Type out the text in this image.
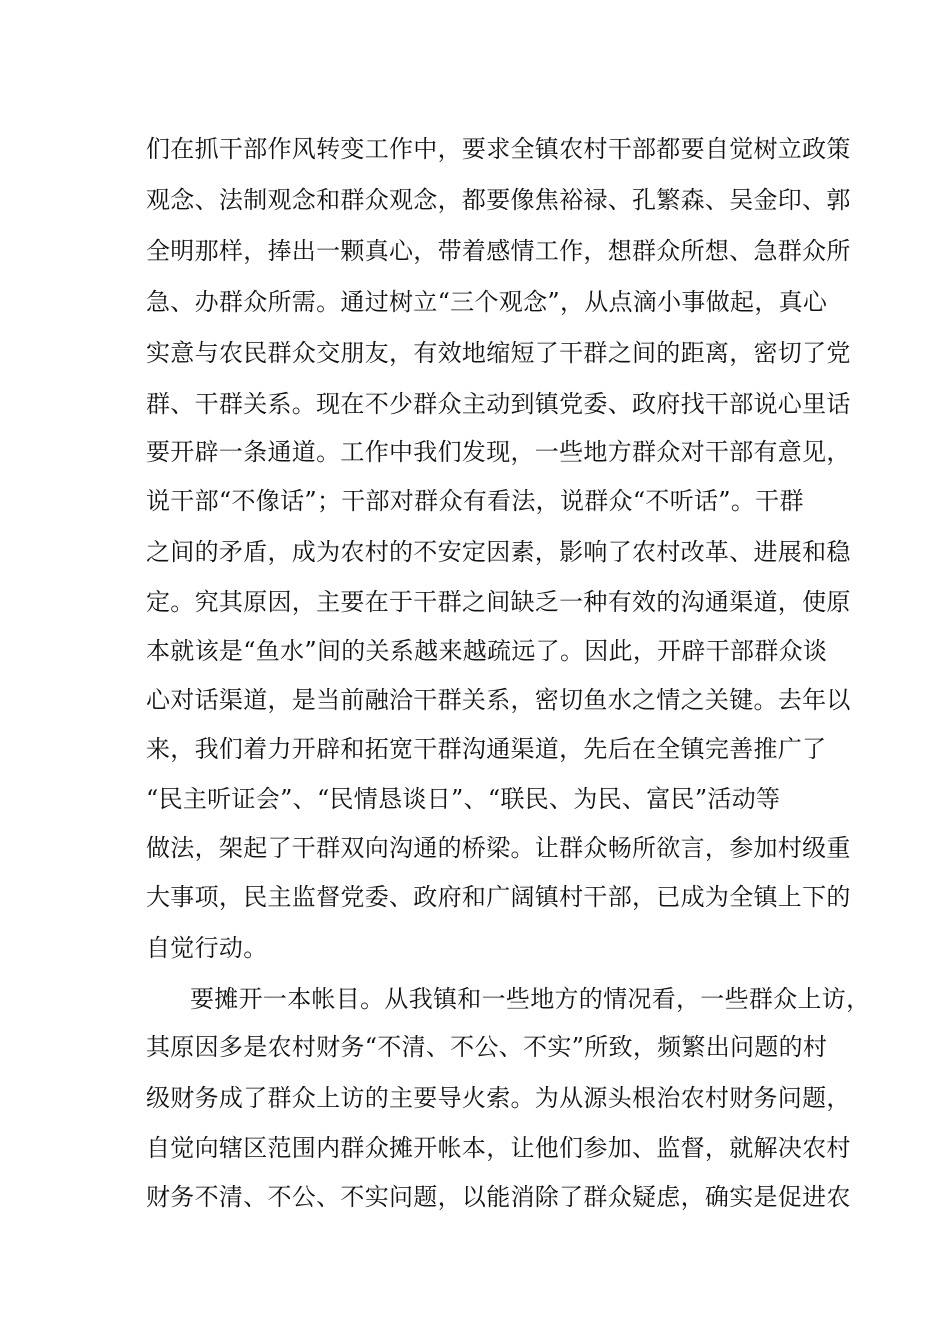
们在抓干部作风转变工作中，要求全镇农村干部都要自觉树立政策
观念、法制观念和群众观念，都要像焦裕禄、孔繁森、吴金印、郭
全明那样，捧出一颗真心，带着感情工作，想群众所想、急群众所
急、办群众所需。通过树立“三个观念”，从点滴小事做起，真心
实意与农民群众交朋友，有效地缩短了干群之间的距离，密切了党
群、干群关系。现在不少群众主动到镇党委、政府找干部说心里话
要开辟一条通道。工作中我们发现，一些地方群众对干部有意见，
说干部“不像话”；干部对群众有看法，说群众“不听话”。干群
之间的矛盾，成为农村的不安定因素，影响了农村改革、进展和稳
定。究其原因，主要在于干群之间缺乏一种有效的沟通渠道，使原
本就该是“鱼水”间的关系越来越疏远了。因此，开辟干部群众谈
心对话渠道，是当前融洽干群关系，密切鱼水之情之关键。去年以
来，我们着力开辟和拓宽干群沟通渠道，先后在全镇完善推广了
“民主听证会”、“民情恳谈日”、“联民、为民、富民”活动等
做法，架起了干群双向沟通的桥梁。让群众畅所欲言，参加村级重
大事项，民主监督党委、政府和广阔镇村干部，已成为全镇上下的
自觉行动。
要摊开一本帐目。从我镇和一些地方的情况看，一些群众上访，
其原因多是农村财务“不清、不公、不实”所致，频繁出问题的村
级财务成了群众上访的主要导火索。为从源头根治农村财务问题，
自觉向辖区范围内群众摊开帐本，让他们参加、监督，就解决农村
财务不清、不公、不实问题，以能消除了群众疑虑，确实是促进农
